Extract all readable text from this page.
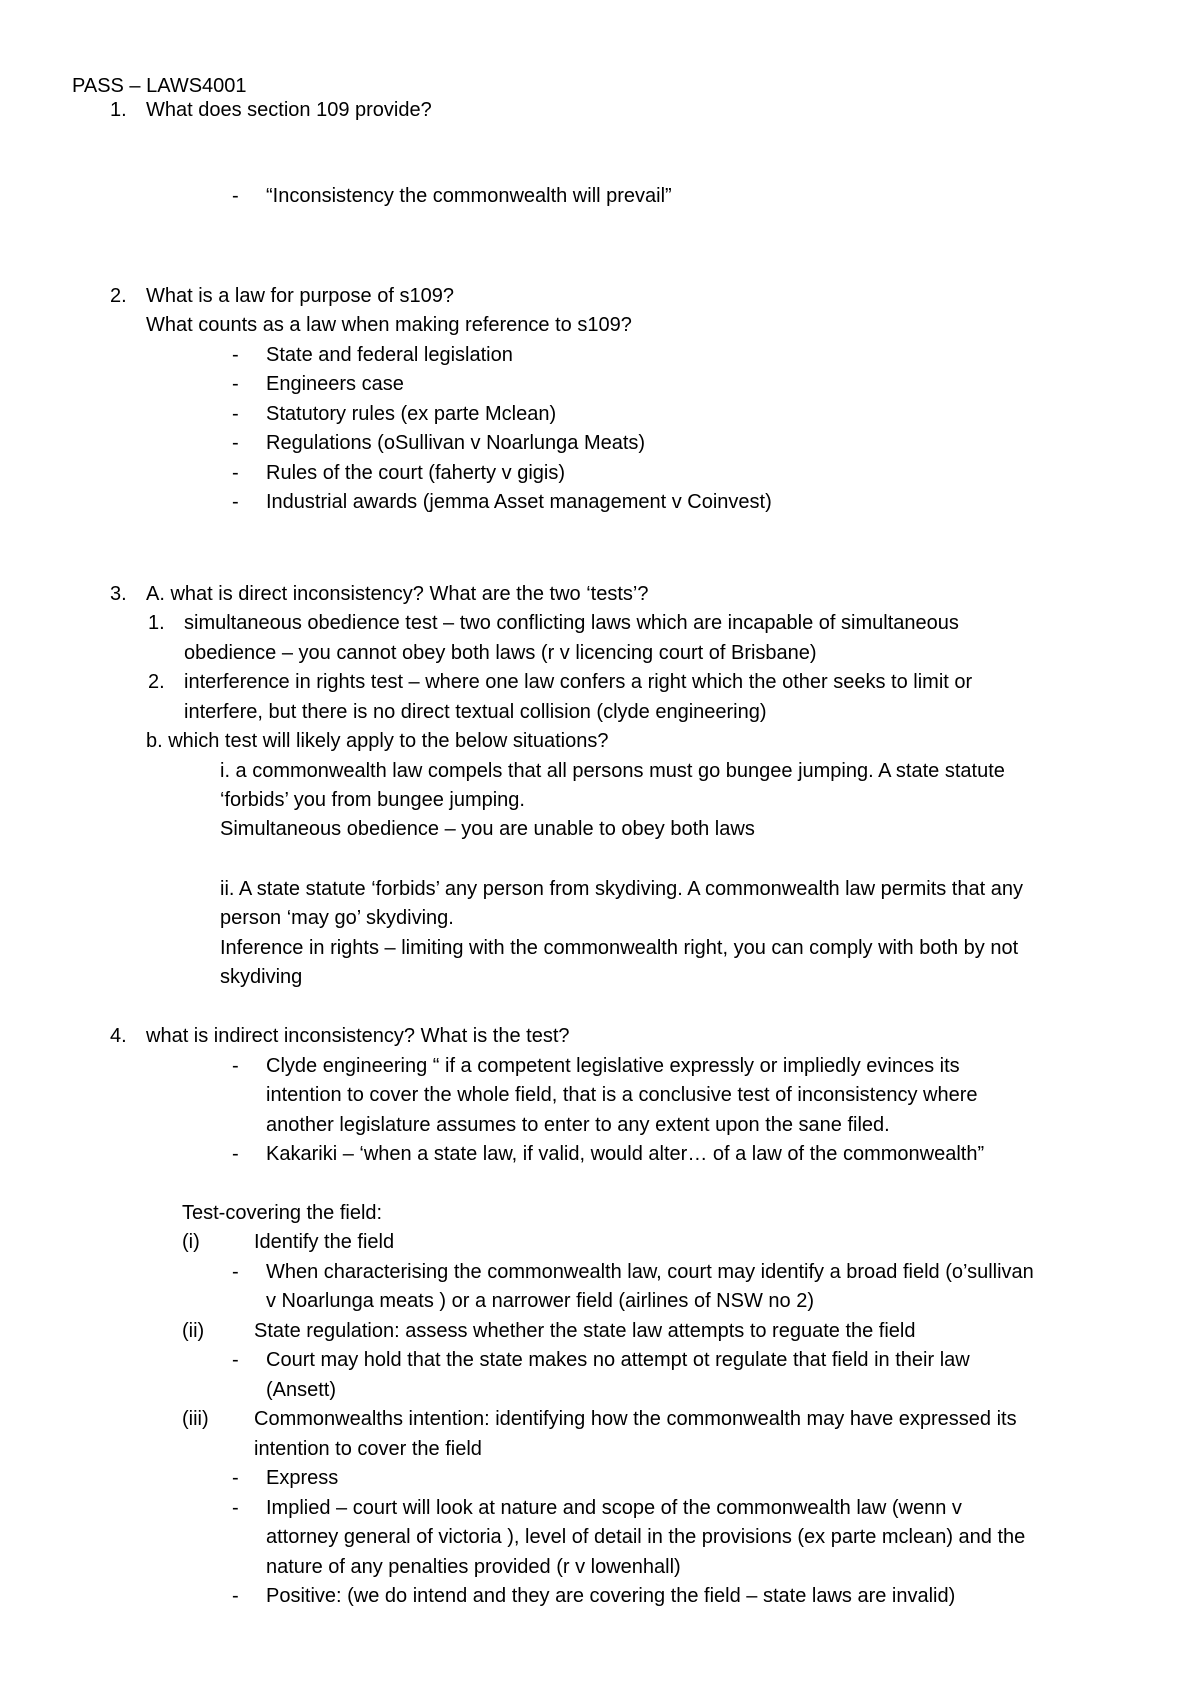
PASS – LAWS4001
1. What does section 109 provide?
- “Inconsistency the commonwealth will prevail”
2. What is a law for purpose of s109?
What counts as a law when making reference to s109?
- State and federal legislation
- Engineers case
- Statutory rules (ex parte Mclean)
- Regulations (oSullivan v Noarlunga Meats)
- Rules of the court (faherty v gigis)
- Industrial awards (jemma Asset management v Coinvest)
3. A. what is direct inconsistency? What are the two ‘tests’?
1. simultaneous obedience test – two conflicting laws which are incapable of simultaneous
obedience – you cannot obey both laws (r v licencing court of Brisbane)
2. interference in rights test – where one law confers a right which the other seeks to limit or
interfere, but there is no direct textual collision (clyde engineering)
b. which test will likely apply to the below situations?
i. a commonwealth law compels that all persons must go bungee jumping. A state statute
‘forbids’ you from bungee jumping.
Simultaneous obedience – you are unable to obey both laws
ii. A state statute ‘forbids’ any person from skydiving. A commonwealth law permits that any
person ‘may go’ skydiving.
Inference in rights – limiting with the commonwealth right, you can comply with both by not
skydiving
4. what is indirect inconsistency? What is the test?
- Clyde engineering “ if a competent legislative expressly or impliedly evinces its
intention to cover the whole field, that is a conclusive test of inconsistency where
another legislature assumes to enter to any extent upon the sane filed.
- Kakariki – ‘when a state law, if valid, would alter… of a law of the commonwealth”
Test-covering the field:
(i)	Identify the field
- When characterising the commonwealth law, court may identify a broad field (o’sullivan
v Noarlunga meats ) or a narrower field (airlines of NSW no 2)
(ii) State regulation: assess whether the state law attempts to reguate the field
- Court may hold that the state makes no attempt ot regulate that field in their law
(Ansett)
(iii) Commonwealths intention: identifying how the commonwealth may have expressed its
intention to cover the field
- Express
- Implied – court will look at nature and scope of the commonwealth law (wenn v
attorney general of victoria ), level of detail in the provisions (ex parte mclean) and the
nature of any penalties provided (r v lowenhall)
- Positive: (we do intend and they are covering the field – state laws are invalid)
